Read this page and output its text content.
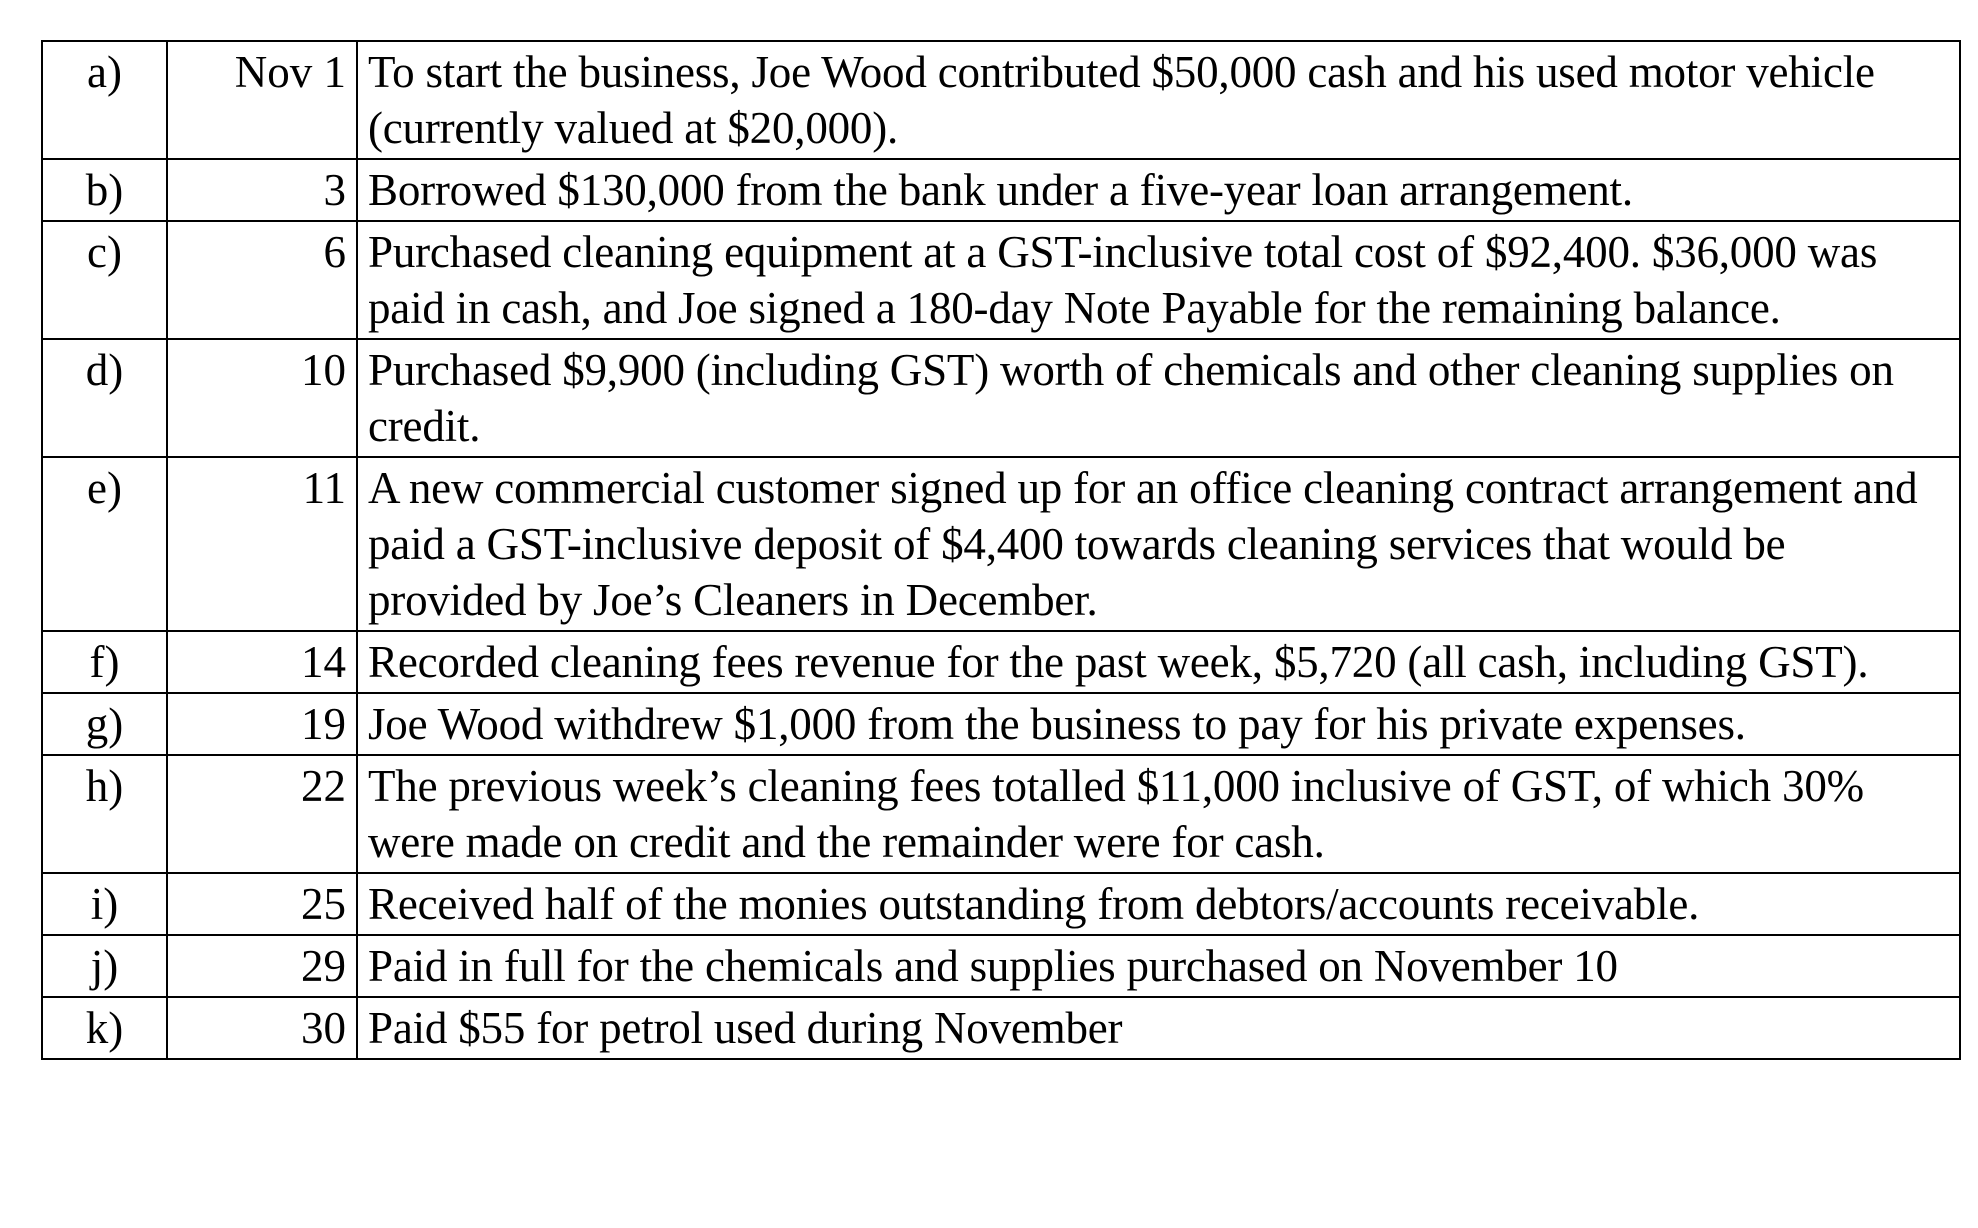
a)	Nov 1	To start the business, Joe Wood contributed $50,000 cash and his used motor vehicle (currently valued at $20,000).
b)	3	Borrowed $130,000 from the bank under a five-year loan arrangement.
c)	6	Purchased cleaning equipment at a GST-inclusive total cost of $92,400. $36,000 was paid in cash, and Joe signed a 180-day Note Payable for the remaining balance.
d)	10	Purchased $9,900 (including GST) worth of chemicals and other cleaning supplies on credit.
e)	11	A new commercial customer signed up for an office cleaning contract arrangement and paid a GST-inclusive deposit of $4,400 towards cleaning services that would be provided by Joe’s Cleaners in December.
f)	14	Recorded cleaning fees revenue for the past week, $5,720 (all cash, including GST).
g)	19	Joe Wood withdrew $1,000 from the business to pay for his private expenses.
h)	22	The previous week’s cleaning fees totalled $11,000 inclusive of GST, of which 30% were made on credit and the remainder were for cash.
i)	25	Received half of the monies outstanding from debtors/accounts receivable.
j)	29	Paid in full for the chemicals and supplies purchased on November 10
k)	30	Paid $55 for petrol used during November
